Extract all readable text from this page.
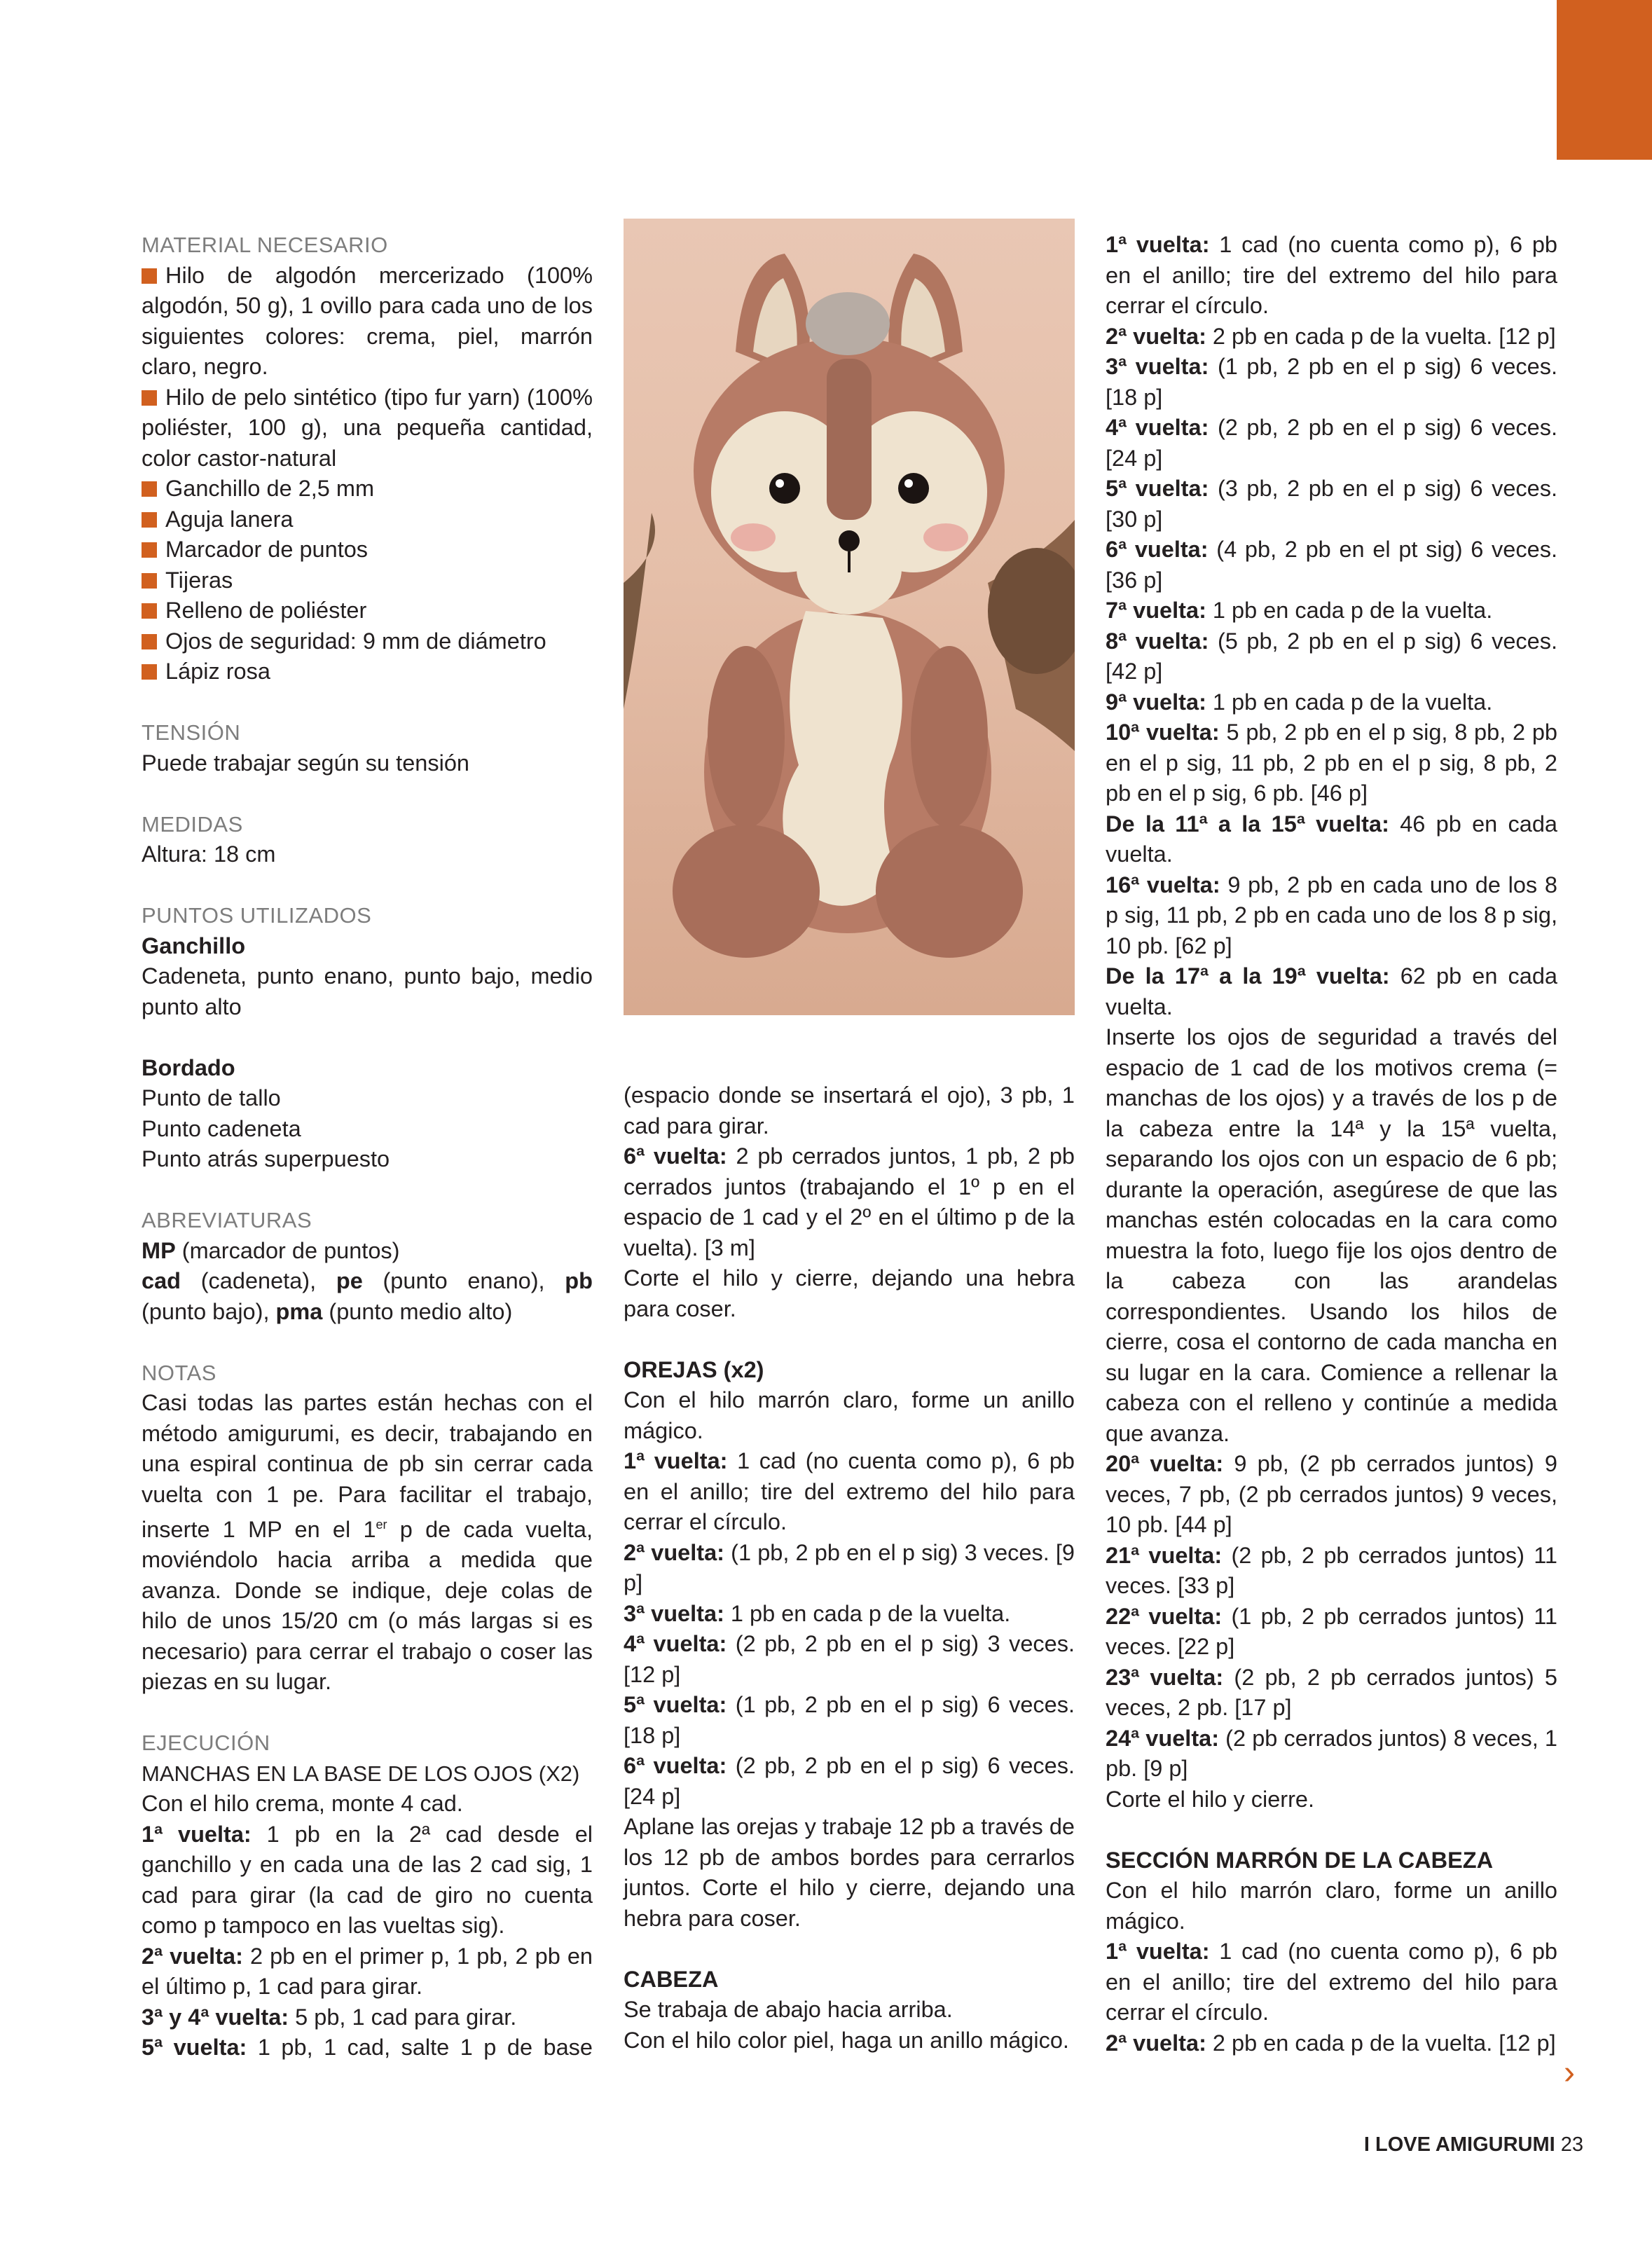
MATERIAL NECESARIO

Hilo de algodón mercerizado (100% algodón, 50 g), 1 ovillo para cada uno de los siguientes colores: crema, piel, marrón claro, negro.

Hilo de pelo sintético (tipo fur yarn) (100% poliéster, 100 g), una pequeña cantidad, color castor-natural

Ganchillo de 2,5 mm

Aguja lanera

Marcador de puntos

Tijeras

Relleno de poliéster

Ojos de seguridad: 9 mm de diámetro

Lápiz rosa

TENSIÓN

Puede trabajar según su tensión

MEDIDAS

Altura: 18 cm

PUNTOS UTILIZADOS

Ganchillo

Cadeneta, punto enano, punto bajo, medio punto alto

Bordado

Punto de tallo

Punto cadeneta

Punto atrás superpuesto

ABREVIATURAS

MP (marcador de puntos)

cad (cadeneta), pe (punto enano), pb (punto bajo), pma (punto medio alto)

NOTAS

Casi todas las partes están hechas con el método amigurumi, es decir, trabajando en una espiral continua de pb sin cerrar cada vuelta con 1 pe. Para facilitar el trabajo, inserte 1 MP en el 1er p de cada vuelta, moviéndolo hacia arriba a medida que avanza. Donde se indique, deje colas de hilo de unos 15/20 cm (o más largas si es necesario) para cerrar el trabajo o coser las piezas en su lugar.

EJECUCIÓN

MANCHAS EN LA BASE DE LOS OJOS (X2)

Con el hilo crema, monte 4 cad.

1ª vuelta: 1 pb en la 2ª cad desde el ganchillo y en cada una de las 2 cad sig, 1 cad para girar (la cad de giro no cuenta como p tampoco en las vueltas sig).

2ª vuelta: 2 pb en el primer p, 1 pb, 2 pb en el último p, 1 cad para girar.

3ª y 4ª vuelta: 5 pb, 1 cad para girar.

5ª vuelta: 1 pb, 1 cad, salte 1 p de base

(espacio donde se insertará el ojo), 3 pb, 1 cad para girar.

6ª vuelta: 2 pb cerrados juntos, 1 pb, 2 pb cerrados juntos (trabajando el 1º p en el espacio de 1 cad y el 2º en el último p de la vuelta). [3 m]

Corte el hilo y cierre, dejando una hebra para coser.

OREJAS (x2)

Con el hilo marrón claro, forme un anillo mágico.

1ª vuelta: 1 cad (no cuenta como p), 6 pb en el anillo; tire del extremo del hilo para cerrar el círculo.

2ª vuelta: (1 pb, 2 pb en el p sig) 3 veces. [9 p]

3ª vuelta: 1 pb en cada p de la vuelta.

4ª vuelta: (2 pb, 2 pb en el p sig) 3 veces. [12 p]

5ª vuelta: (1 pb, 2 pb en el p sig) 6 veces. [18 p]

6ª vuelta: (2 pb, 2 pb en el p sig) 6 veces. [24 p]

Aplane las orejas y trabaje 12 pb a través de los 12 pb de ambos bordes para cerrarlos juntos. Corte el hilo y cierre, dejando una hebra para coser.

CABEZA

Se trabaja de abajo hacia arriba.

Con el hilo color piel, haga un anillo mágico.

1ª vuelta: 1 cad (no cuenta como p), 6 pb en el anillo; tire del extremo del hilo para cerrar el círculo.

2ª vuelta: 2 pb en cada p de la vuelta. [12 p]

3ª vuelta: (1 pb, 2 pb en el p sig) 6 veces. [18 p]

4ª vuelta: (2 pb, 2 pb en el p sig) 6 veces. [24 p]

5ª vuelta: (3 pb, 2 pb en el p sig) 6 veces. [30 p]

6ª vuelta: (4 pb, 2 pb en el pt sig) 6 veces. [36 p]

7ª vuelta: 1 pb en cada p de la vuelta.

8ª vuelta: (5 pb, 2 pb en el p sig) 6 veces. [42 p]

9ª vuelta: 1 pb en cada p de la vuelta.

10ª vuelta: 5 pb, 2 pb en el p sig, 8 pb, 2 pb en el p sig, 11 pb, 2 pb en el p sig, 8 pb, 2 pb en el p sig, 6 pb. [46 p]

De la 11ª a la 15ª vuelta: 46 pb en cada vuelta.

16ª vuelta: 9 pb, 2 pb en cada uno de los 8 p sig, 11 pb, 2 pb en cada uno de los 8 p sig, 10 pb. [62 p]

De la 17ª a la 19ª vuelta: 62 pb en cada vuelta.

Inserte los ojos de seguridad a través del espacio de 1 cad de los motivos crema (= manchas de los ojos) y a través de los p de la cabeza entre la 14ª y la 15ª vuelta, separando los ojos con un espacio de 6 pb; durante la operación, asegúrese de que las manchas estén colocadas en la cara como muestra la foto, luego fije los ojos dentro de la cabeza con las arandelas correspondientes. Usando los hilos de cierre, cosa el contorno de cada mancha en su lugar en la cara. Comience a rellenar la cabeza con el relleno y continúe a medida que avanza.

20ª vuelta: 9 pb, (2 pb cerrados juntos) 9 veces, 7 pb, (2 pb cerrados juntos) 9 veces, 10 pb. [44 p]

21ª vuelta: (2 pb, 2 pb cerrados juntos) 11 veces. [33 p]

22ª vuelta: (1 pb, 2 pb cerrados juntos) 11 veces. [22 p]

23ª vuelta: (2 pb, 2 pb cerrados juntos) 5 veces, 2 pb. [17 p]

24ª vuelta: (2 pb cerrados juntos) 8 veces, 1 pb. [9 p]

Corte el hilo y cierre.

SECCIÓN MARRÓN DE LA CABEZA

Con el hilo marrón claro, forme un anillo mágico.

1ª vuelta: 1 cad (no cuenta como p), 6 pb en el anillo; tire del extremo del hilo para cerrar el círculo.

2ª vuelta: 2 pb en cada p de la vuelta. [12 p]

›
I LOVE AMIGURUMI 23
